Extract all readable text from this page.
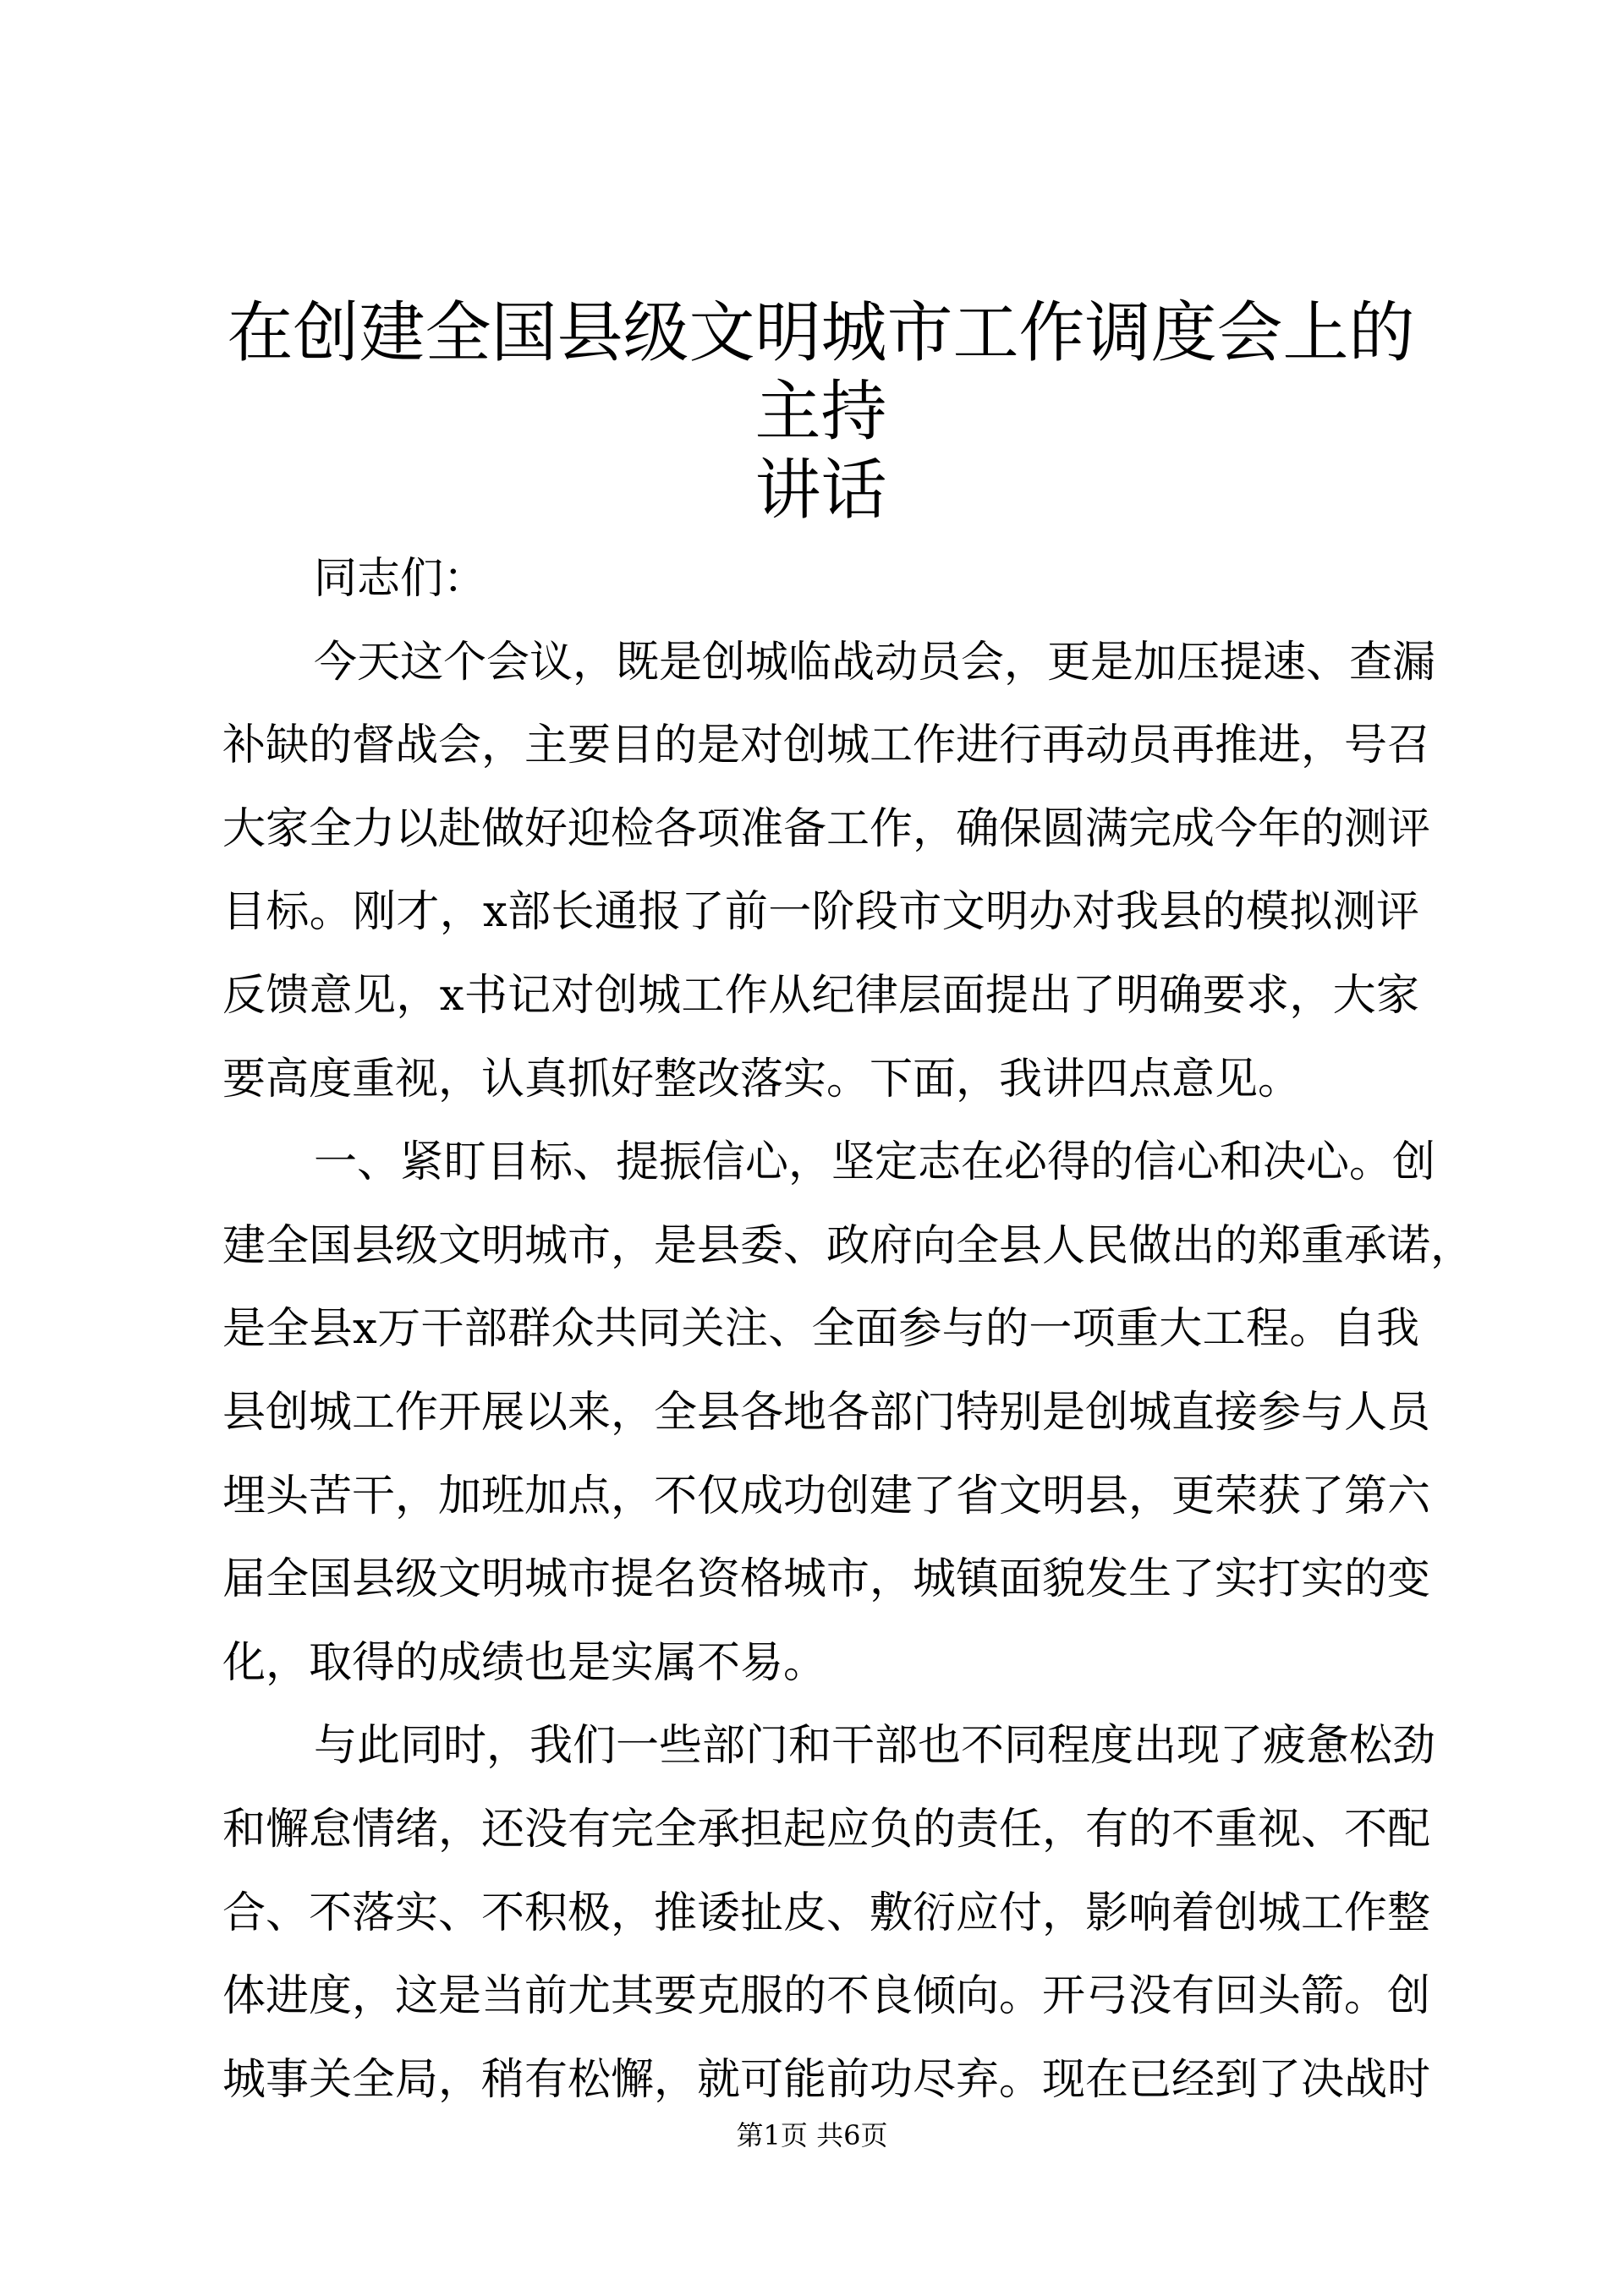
在创建全国县级文明城市工作调度会上的主持
讲话
同志们：
今天这个会议，既是创城临战动员会，更是加压提速、查漏
补缺的督战会，主要目的是对创城工作进行再动员再推进，号召
大家全力以赴做好迎检各项准备工作，确保圆满完成今年的测评
目标。刚才，x部长通报了前一阶段市文明办对我县的模拟测评
反馈意见，x书记对创城工作从纪律层面提出了明确要求，大家
要高度重视，认真抓好整改落实。下面，我讲四点意见。
一、紧盯目标、提振信心，坚定志在必得的信心和决心。创
建全国县级文明城市，是县委、政府向全县人民做出的郑重承诺，
是全县x万干部群众共同关注、全面参与的一项重大工程。自我
县创城工作开展以来，全县各地各部门特别是创城直接参与人员
埋头苦干，加班加点，不仅成功创建了省文明县，更荣获了第六
届全国县级文明城市提名资格城市，城镇面貌发生了实打实的变
化，取得的成绩也是实属不易。
与此同时，我们一些部门和干部也不同程度出现了疲惫松劲
和懈怠情绪，还没有完全承担起应负的责任，有的不重视、不配
合、不落实、不积极，推诿扯皮、敷衍应付，影响着创城工作整
体进度，这是当前尤其要克服的不良倾向。开弓没有回头箭。创
城事关全局，稍有松懈，就可能前功尽弃。现在已经到了决战时
第1页 共6页
